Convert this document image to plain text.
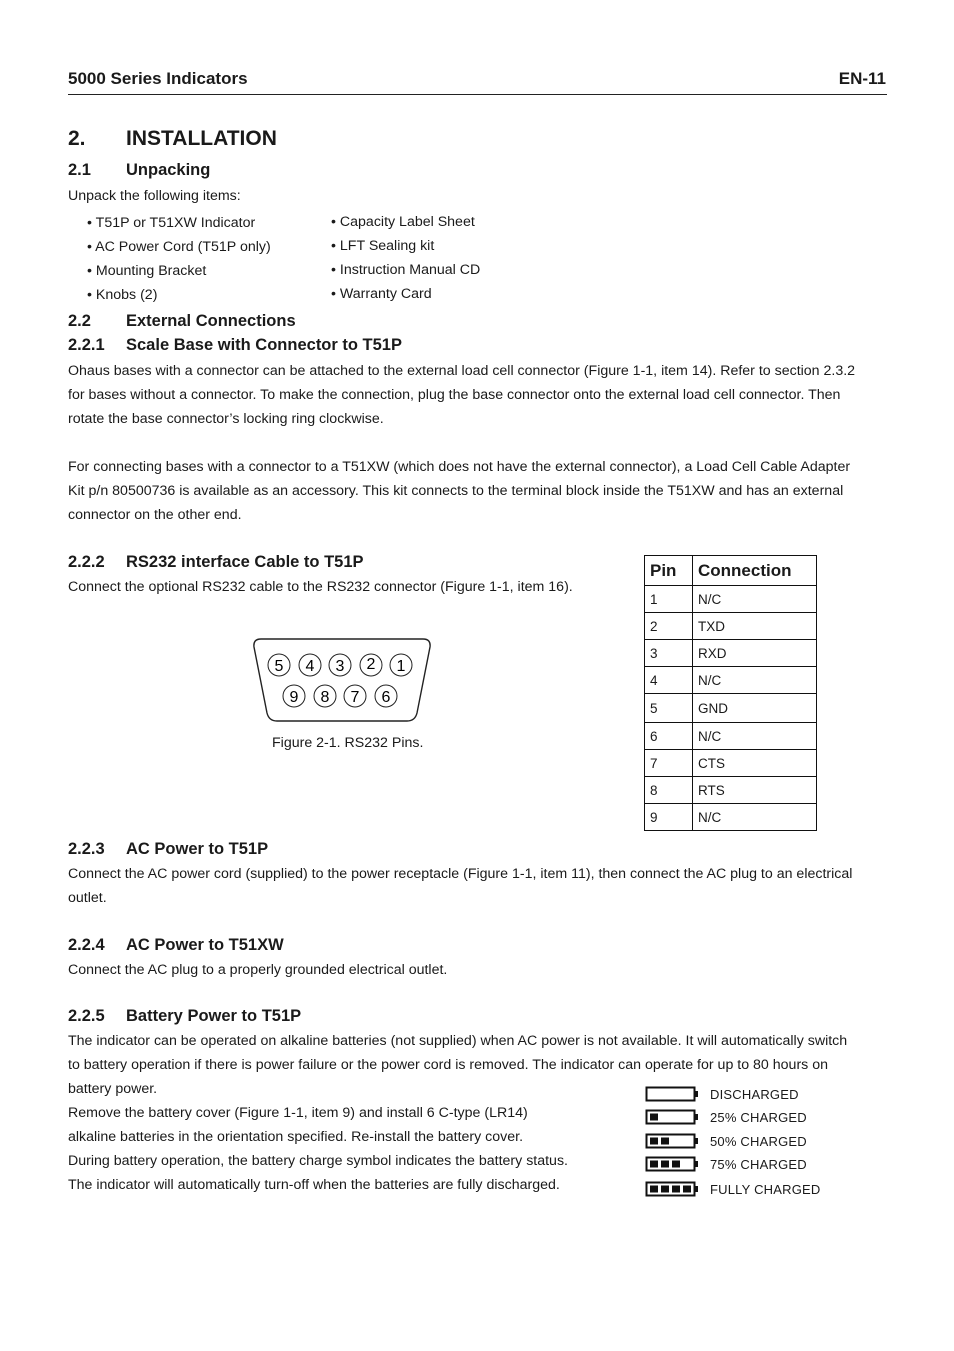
5000 Series Indicators	EN-11
2. INSTALLATION
2.1 Unpacking
Unpack the following items:
• T51P or T51XW Indicator
• AC Power Cord (T51P only)
• Mounting Bracket
• Knobs (2)
• Capacity Label Sheet
• LFT Sealing kit
• Instruction Manual CD
• Warranty Card
2.2 External Connections
2.2.1 Scale Base with Connector to T51P
Ohaus bases with a connector can be attached to the external load cell connector (Figure 1-1, item 14). Refer to section 2.3.2
for bases without a connector. To make the connection, plug the base connector onto the external load cell connector. Then
rotate the base connector’s locking ring clockwise.
For connecting bases with a connector to a T51XW (which does not have the external connector), a Load Cell Cable Adapter
Kit p/n 80500736 is available as an accessory. This kit connects to the terminal block inside the T51XW and has an external
connector on the other end.
2.2.2 RS232 interface Cable to T51P
Connect the optional RS232 cable to the RS232 connector (Figure 1-1, item 16).
5 4 3 2 1
9 8 7 6
Figure 2-1. RS232 Pins.
Pin	Connection
1	N/C
2	TXD
3	RXD
4	N/C
5	GND
6	N/C
7	CTS
8	RTS
9	N/C
2.2.3 AC Power to T51P
Connect the AC power cord (supplied) to the power receptacle (Figure 1-1, item 11), then connect the AC plug to an electrical
outlet.
2.2.4 AC Power to T51XW
Connect the AC plug to a properly grounded electrical outlet.
2.2.5 Battery Power to T51P
The indicator can be operated on alkaline batteries (not supplied) when AC power is not available. It will automatically switch
to battery operation if there is power failure or the power cord is removed. The indicator can operate for up to 80 hours on
battery power.
Remove the battery cover (Figure 1-1, item 9) and install 6 C-type (LR14)
alkaline batteries in the orientation specified. Re-install the battery cover.
During battery operation, the battery charge symbol indicates the battery status.
The indicator will automatically turn-off when the batteries are fully discharged.
DISCHARGED
25% CHARGED
50% CHARGED
75% CHARGED
FULLY CHARGED
